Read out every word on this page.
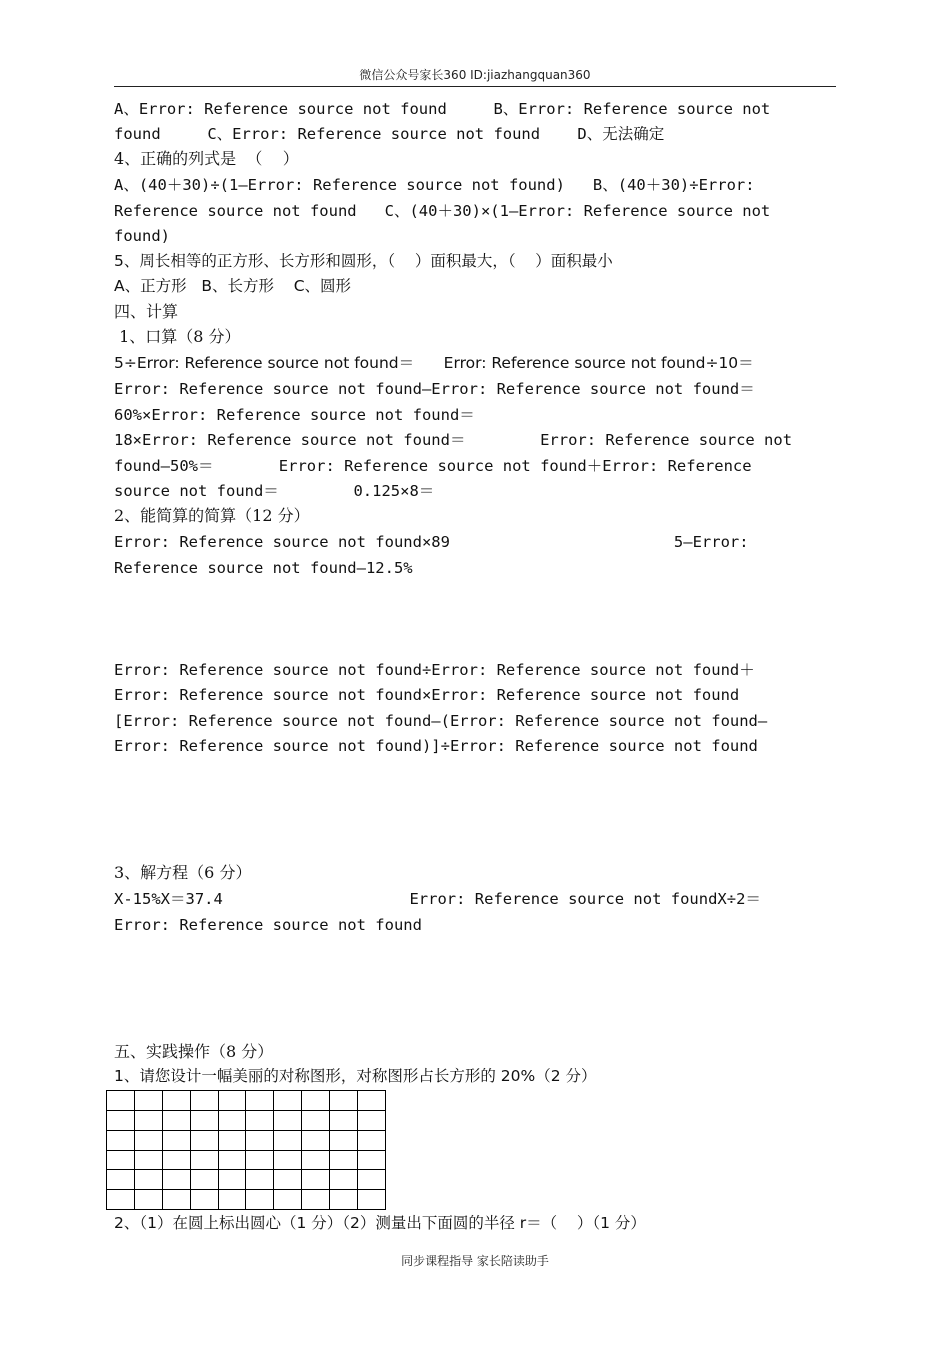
微信公众号家长360 ID:jiazhangquan360
A、Error: Reference source not found     B、Error: Reference source not
found     C、Error: Reference source not found    D、无法确定
4、正确的列式是  （    ）
A、(40＋30)÷(1―Error: Reference source not found)   B、(40＋30)÷Error:
Reference source not found   C、(40＋30)×(1―Error: Reference source not
found)
5、周长相等的正方形、长方形和圆形，（    ）面积最大，（    ）面积最小
A、正方形   B、长方形    C、圆形
四、计算
1、口算（8 分）
5÷Error: Reference source not found＝      Error: Reference source not found÷10＝
Error: Reference source not found―Error: Reference source not found＝
60%×Error: Reference source not found＝
18×Error: Reference source not found＝        Error: Reference source not
found―50%＝       Error: Reference source not found＋Error: Reference
source not found＝        0.125×8＝
2、能简算的简算（12 分）
Error: Reference source not found×89                        5―Error:
Reference source not found―12.5%
Error: Reference source not found÷Error: Reference source not found＋
Error: Reference source not found×Error: Reference source not found
[Error: Reference source not found―(Error: Reference source not found―
Error: Reference source not found)]÷Error: Reference source not found
3、解方程（6 分）
X-15%X＝37.4                    Error: Reference source not foundX÷2＝
Error: Reference source not found
五、实践操作（8 分）
1、请您设计一幅美丽的对称图形，对称图形占长方形的 20%（2 分）
2、（1）在圆上标出圆心（1 分）（2）测量出下面圆的半径 r＝（    ）（1 分）
同步课程指导 家长陪读助手
